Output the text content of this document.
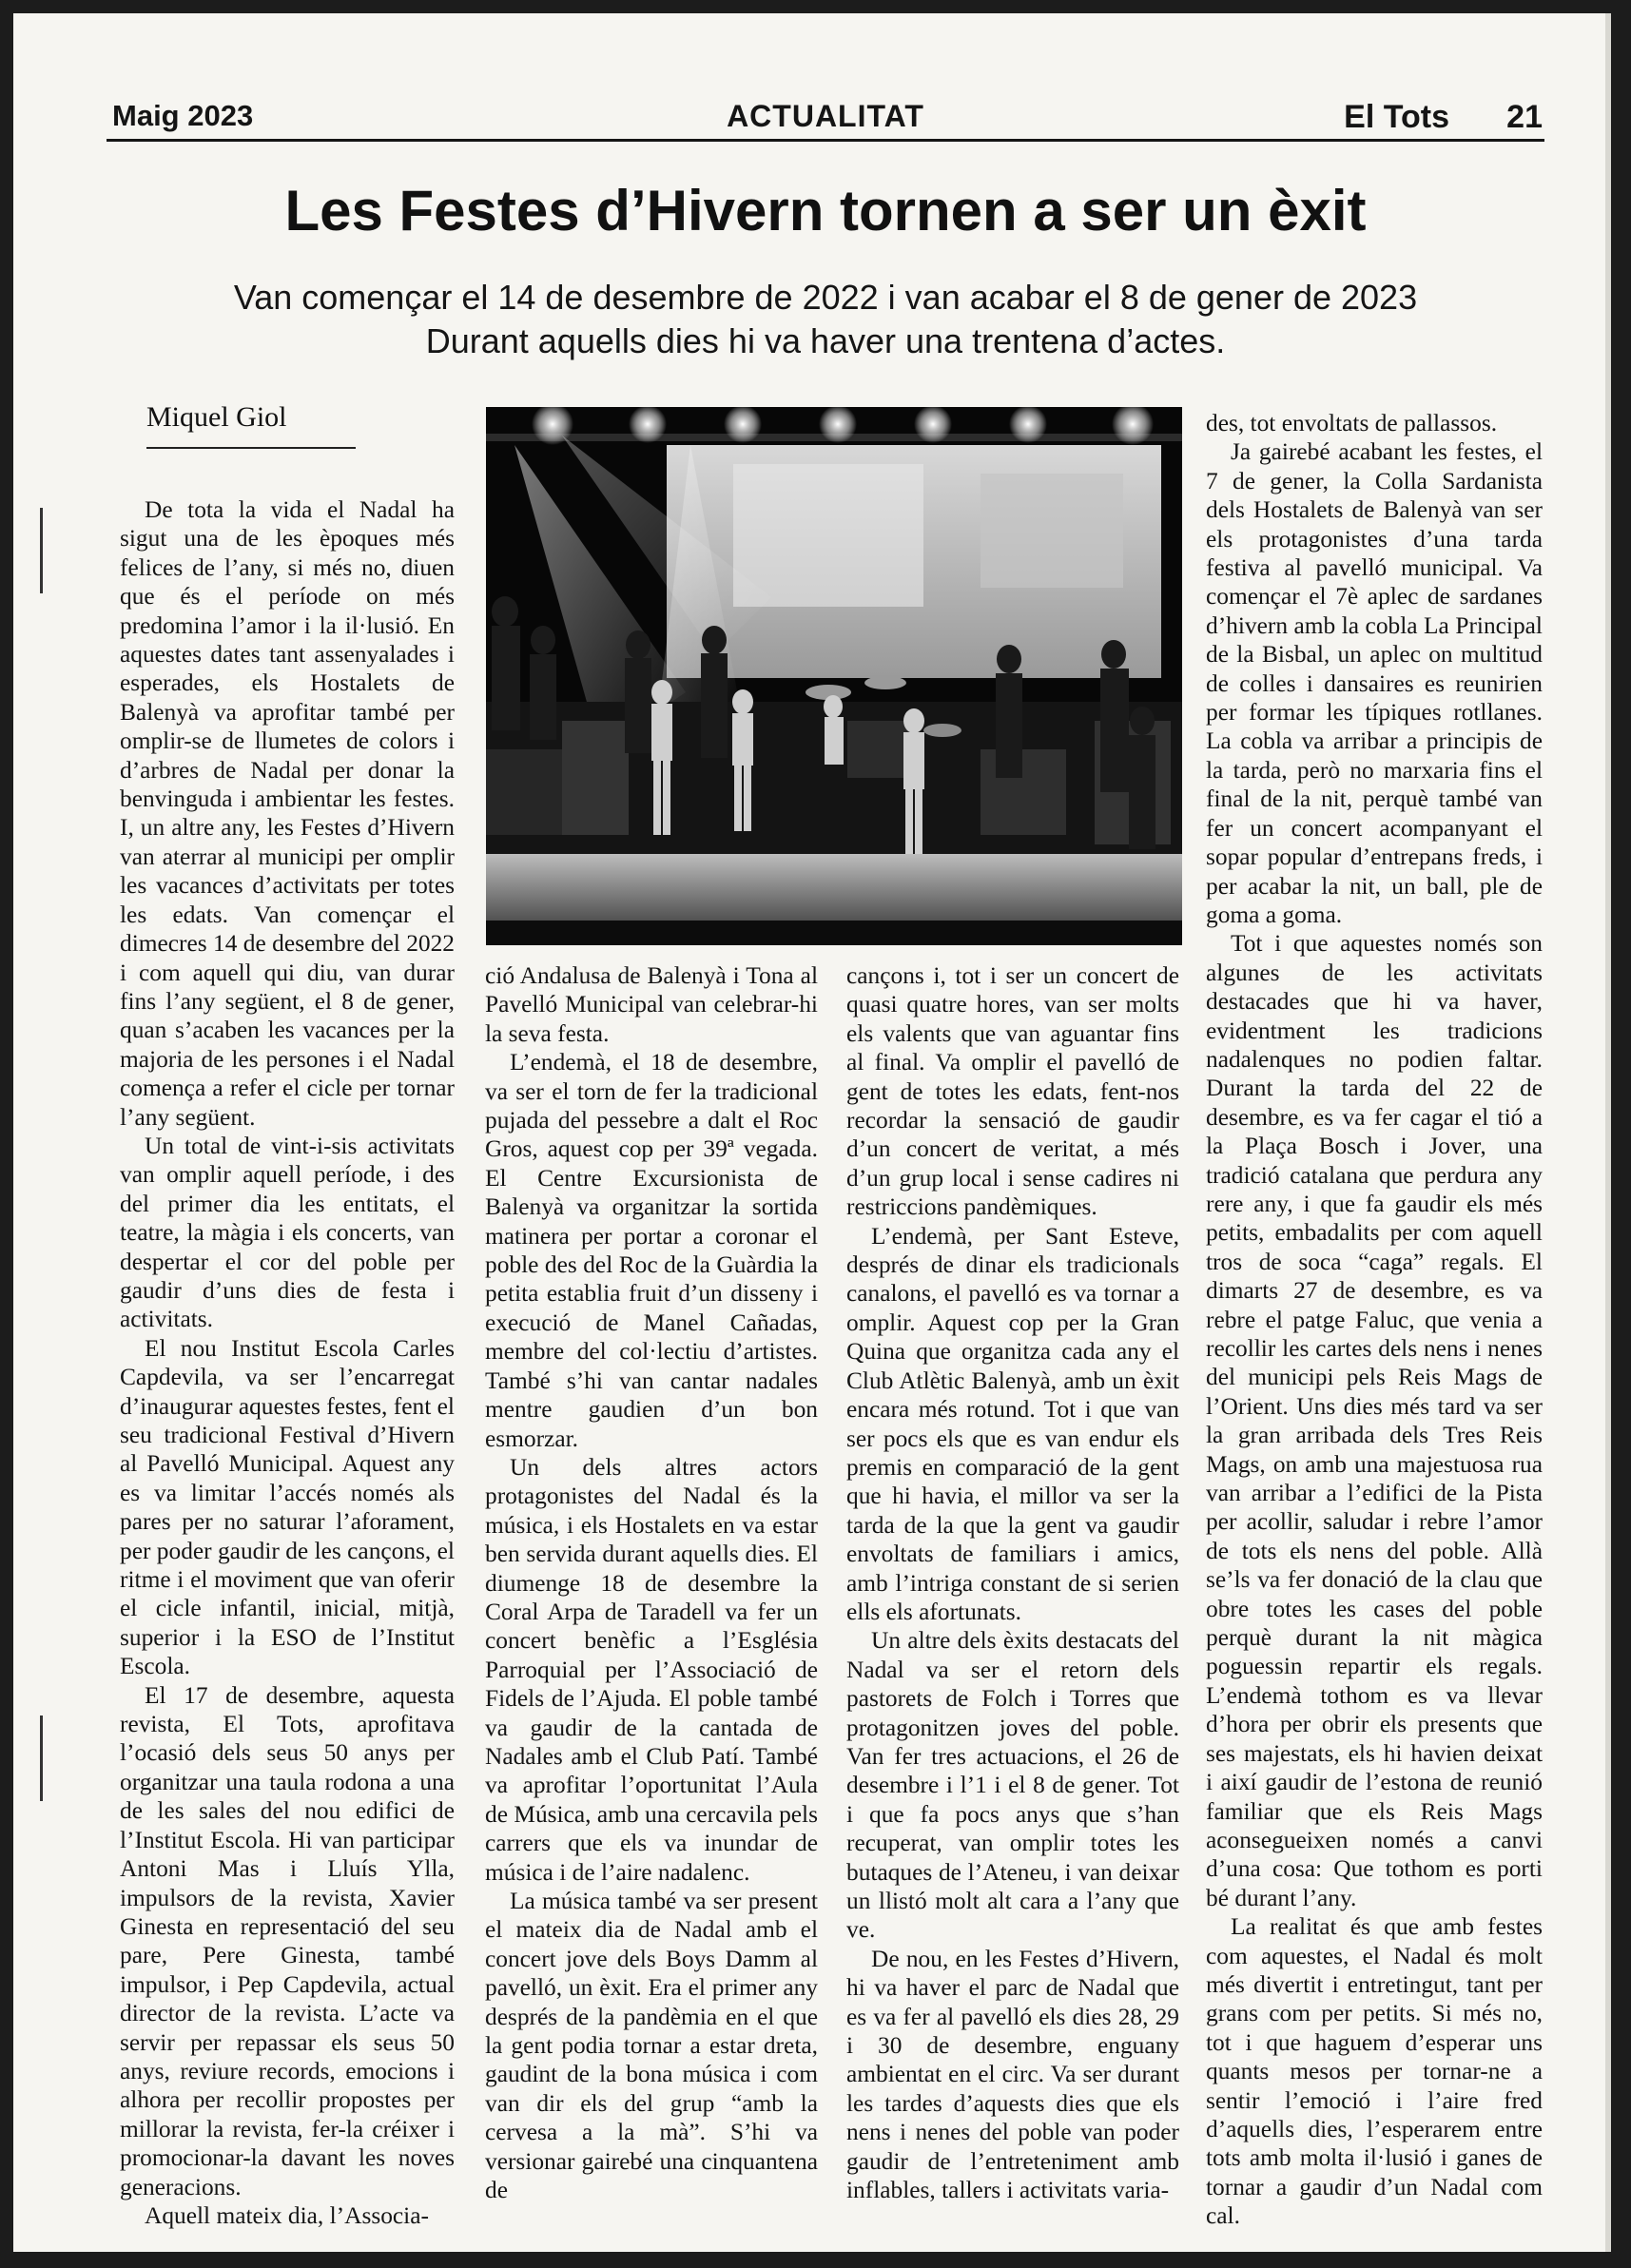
ACTUALITAT
Maig 2023	El Tots 21
Les Festes d’Hivern tornen a ser un èxit
Van començar el 14 de desembre de 2022 i van acabar el 8 de gener de 2023
Durant aquells dies hi va haver una trentena d’actes.
Miquel Giol

De tota la vida el Nadal ha sigut una de les èpoques més felices de l’any, si més no, diuen que és el període on més predomina l’amor i la il·lusió. En aquestes dates tant assenyalades i esperades, els Hostalets de Balenyà va aprofitar també per omplir-se de llumetes de colors i d’arbres de Nadal per donar la benvinguda i ambientar les festes. I, un altre any, les Festes d’Hivern van aterrar al municipi per omplir les vacances d’activitats per totes les edats. Van començar el dimecres 14 de desembre del 2022 i com aquell qui diu, van durar fins l’any següent, el 8 de gener, quan s’acaben les vacances per la majoria de les persones i el Nadal comença a refer el cicle per tornar l’any següent.

Un total de vint-i-sis activitats van omplir aquell període, i des del primer dia les entitats, el teatre, la màgia i els concerts, van despertar el cor del poble per gaudir d’uns dies de festa i activitats.

El nou Institut Escola Carles Capdevila, va ser l’encarregat d’inaugurar aquestes festes, fent el seu tradicional Festival d’Hivern al Pavelló Municipal. Aquest any es va limitar l’accés només als pares per no saturar l’aforament, per poder gaudir de les cançons, el ritme i el moviment que van oferir el cicle infantil, inicial, mitjà, superior i la ESO de l’Institut Escola.

El 17 de desembre, aquesta revista, El Tots, aprofitava l’ocasió dels seus 50 anys per organitzar una taula rodona a una de les sales del nou edifici de l’Institut Escola. Hi van participar Antoni Mas i Lluís Ylla, impulsors de la revista, Xavier Ginesta en representació del seu pare, Pere Ginesta, també impulsor, i Pep Capdevila, actual director de la revista. L’acte va servir per repassar els seus 50 anys, reviure records, emocions i alhora per recollir propostes per millorar la revista, fer-la créixer i promocionar-la davant les noves generacions.

Aquell mateix dia, l’Associa-

ció Andalusa de Balenyà i Tona al Pavelló Municipal van celebrar-hi la seva festa.

L’endemà, el 18 de desembre, va ser el torn de fer la tradicional pujada del pessebre a dalt el Roc Gros, aquest cop per 39ª vegada. El Centre Excursionista de Balenyà va organitzar la sortida matinera per portar a coronar el poble des del Roc de la Guàrdia la petita establia fruit d’un disseny i execució de Manel Cañadas, membre del col·lectiu d’artistes. També s’hi van cantar nadales mentre gaudien d’un bon esmorzar.

Un dels altres actors protagonistes del Nadal és la música, i els Hostalets en va estar ben servida durant aquells dies. El diumenge 18 de desembre la Coral Arpa de Taradell va fer un concert benèfic a l’Església Parroquial per l’Associació de Fidels de l’Ajuda. El poble també va gaudir de la cantada de Nadales amb el Club Patí. També va aprofitar l’oportunitat l’Aula de Música, amb una cercavila pels carrers que els va inundar de música i de l’aire nadalenc.

La música també va ser present el mateix dia de Nadal amb el concert jove dels Boys Damm al pavelló, un èxit. Era el primer any després de la pandèmia en el que la gent podia tornar a estar dreta, gaudint de la bona música i com van dir els del grup “amb la cervesa a la mà”. S’hi va versionar gairebé una cinquantena de

cançons i, tot i ser un concert de quasi quatre hores, van ser molts els valents que van aguantar fins al final. Va omplir el pavelló de gent de totes les edats, fent-nos recordar la sensació de gaudir d’un concert de veritat, a més d’un grup local i sense cadires ni restriccions pandèmiques.

L’endemà, per Sant Esteve, després de dinar els tradicionals canalons, el pavelló es va tornar a omplir. Aquest cop per la Gran Quina que organitza cada any el Club Atlètic Balenyà, amb un èxit encara més rotund. Tot i que van ser pocs els que es van endur els premis en comparació de la gent que hi havia, el millor va ser la tarda de la que la gent va gaudir envoltats de familiars i amics, amb l’intriga constant de si serien ells els afortunats.

Un altre dels èxits destacats del Nadal va ser el retorn dels pastorets de Folch i Torres que protagonitzen joves del poble. Van fer tres actuacions, el 26 de desembre i l’1 i el 8 de gener. Tot i que fa pocs anys que s’han recuperat, van omplir totes les butaques de l’Ateneu, i van deixar un llistó molt alt cara a l’any que ve.

De nou, en les Festes d’Hivern, hi va haver el parc de Nadal que es va fer al pavelló els dies 28, 29 i 30 de desembre, enguany ambientat en el circ. Va ser durant les tardes d’aquests dies que els nens i nenes del poble van poder gaudir de l’entreteniment amb inflables, tallers i activitats varia-

des, tot envoltats de pallassos.

Ja gairebé acabant les festes, el 7 de gener, la Colla Sardanista dels Hostalets de Balenyà van ser els protagonistes d’una tarda festiva al pavelló municipal. Va començar el 7è aplec de sardanes d’hivern amb la cobla La Principal de la Bisbal, un aplec on multitud de colles i dansaires es reunirien per formar les típiques rotllanes. La cobla va arribar a principis de la tarda, però no marxaria fins el final de la nit, perquè també van fer un concert acompanyant el sopar popular d’entrepans freds, i per acabar la nit, un ball, ple de goma a goma.

Tot i que aquestes només son algunes de les activitats destacades que hi va haver, evidentment les tradicions nadalenques no podien faltar. Durant la tarda del 22 de desembre, es va fer cagar el tió a la Plaça Bosch i Jover, una tradició catalana que perdura any rere any, i que fa gaudir els més petits, embadalits per com aquell tros de soca “caga” regals. El dimarts 27 de desembre, es va rebre el patge Faluc, que venia a recollir les cartes dels nens i nenes del municipi pels Reis Mags de l’Orient. Uns dies més tard va ser la gran arribada dels Tres Reis Mags, on amb una majestuosa rua van arribar a l’edifici de la Pista per acollir, saludar i rebre l’amor de tots els nens del poble. Allà se’ls va fer donació de la clau que obre totes les cases del poble perquè durant la nit màgica poguessin repartir els regals. L’endemà tothom es va llevar d’hora per obrir els presents que ses majestats, els hi havien deixat i així gaudir de l’estona de reunió familiar que els Reis Mags aconsegueixen només a canvi d’una cosa: Que tothom es porti bé durant l’any.

La realitat és que amb festes com aquestes, el Nadal és molt més divertit i entretingut, tant per grans com per petits. Si més no, tot i que haguem d’esperar uns quants mesos per tornar-ne a sentir l’emoció i l’aire fred d’aquells dies, l’esperarem entre tots amb molta il·lusió i ganes de tornar a gaudir d’un Nadal com cal.
